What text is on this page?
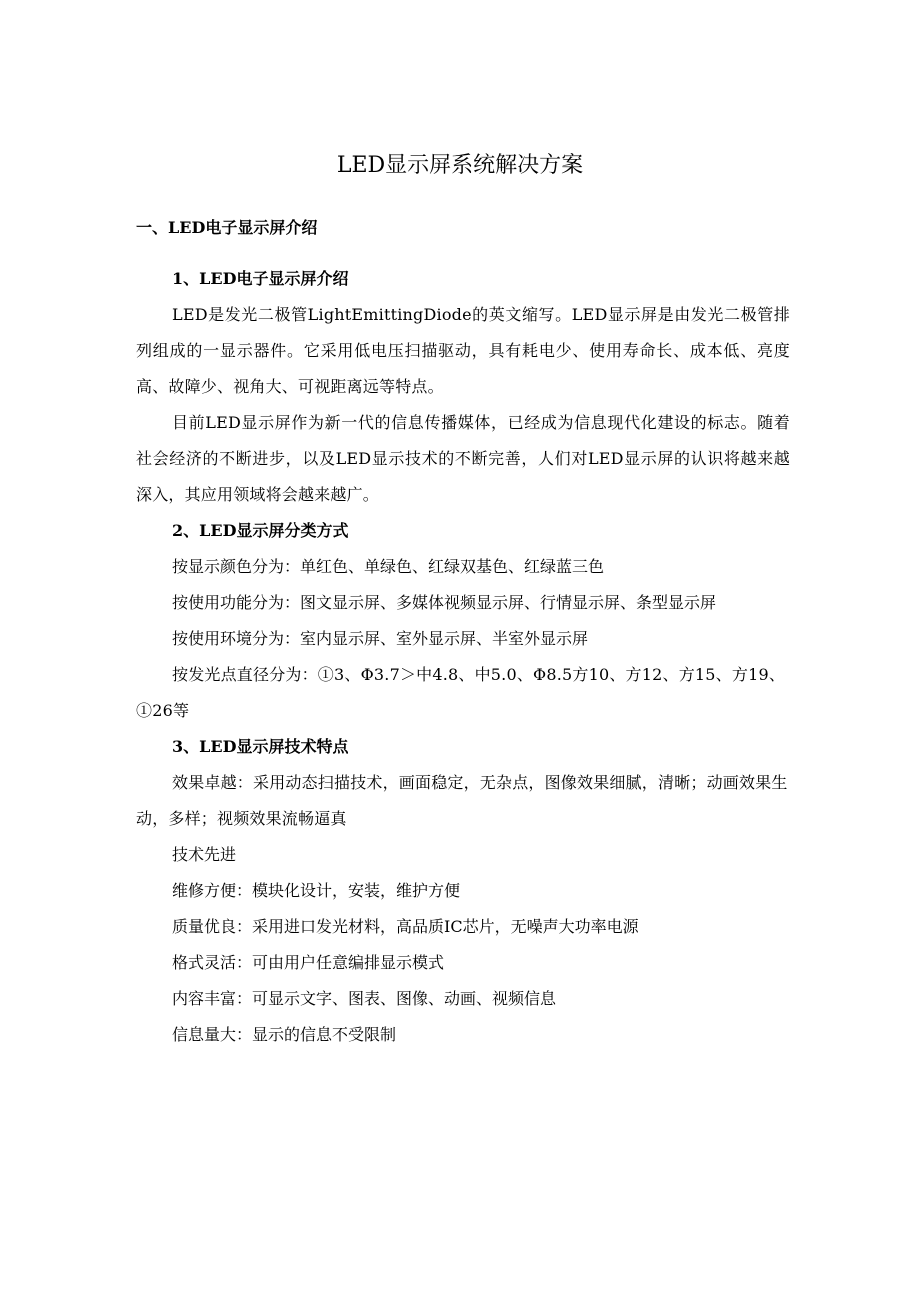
LED显示屏系统解决方案
一、LED电子显示屏介绍
1、LED电子显示屏介绍

LED是发光二极管LightEmittingDiode的英文缩写。LED显示屏是由发光二极管排列组成的一显示器件。它采用低电压扫描驱动，具有耗电少、使用寿命长、成本低、亮度高、故障少、视角大、可视距离远等特点。

目前LED显示屏作为新一代的信息传播媒体，已经成为信息现代化建设的标志。随着社会经济的不断进步，以及LED显示技术的不断完善，人们对LED显示屏的认识将越来越深入，其应用领域将会越来越广。

2、LED显示屏分类方式

按显示颜色分为：单红色、单绿色、红绿双基色、红绿蓝三色

按使用功能分为：图文显示屏、多媒体视频显示屏、行情显示屏、条型显示屏

按使用环境分为：室内显示屏、室外显示屏、半室外显示屏

按发光点直径分为：①3、Φ3.7＞中4.8、中5.0、Φ8.5方10、方12、方15、方19、①26等

3、LED显示屏技术特点

效果卓越：采用动态扫描技术，画面稳定，无杂点，图像效果细腻，清晰；动画效果生动，多样；视频效果流畅逼真

技术先进

维修方便：模块化设计，安装，维护方便

质量优良：采用进口发光材料，高品质IC芯片，无噪声大功率电源

格式灵活：可由用户任意编排显示模式

内容丰富：可显示文字、图表、图像、动画、视频信息

信息量大：显示的信息不受限制
